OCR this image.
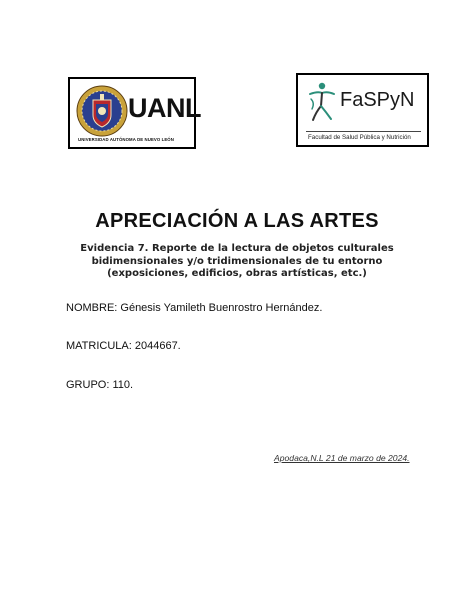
UANL
UNIVERSIDAD AUTÓNOMA DE NUEVO LEÓN
FaSPyN
Facultad de Salud Pública y Nutrición
APRECIACIÓN A LAS ARTES
Evidencia 7. Reporte de la lectura de objetos culturales
bidimensionales y/o tridimensionales de tu entorno
(exposiciones, edificios, obras artísticas, etc.)
NOMBRE: Génesis Yamileth Buenrostro Hernández.
MATRICULA: 2044667.
GRUPO: 110.
Apodaca,N.L 21 de marzo de 2024.
